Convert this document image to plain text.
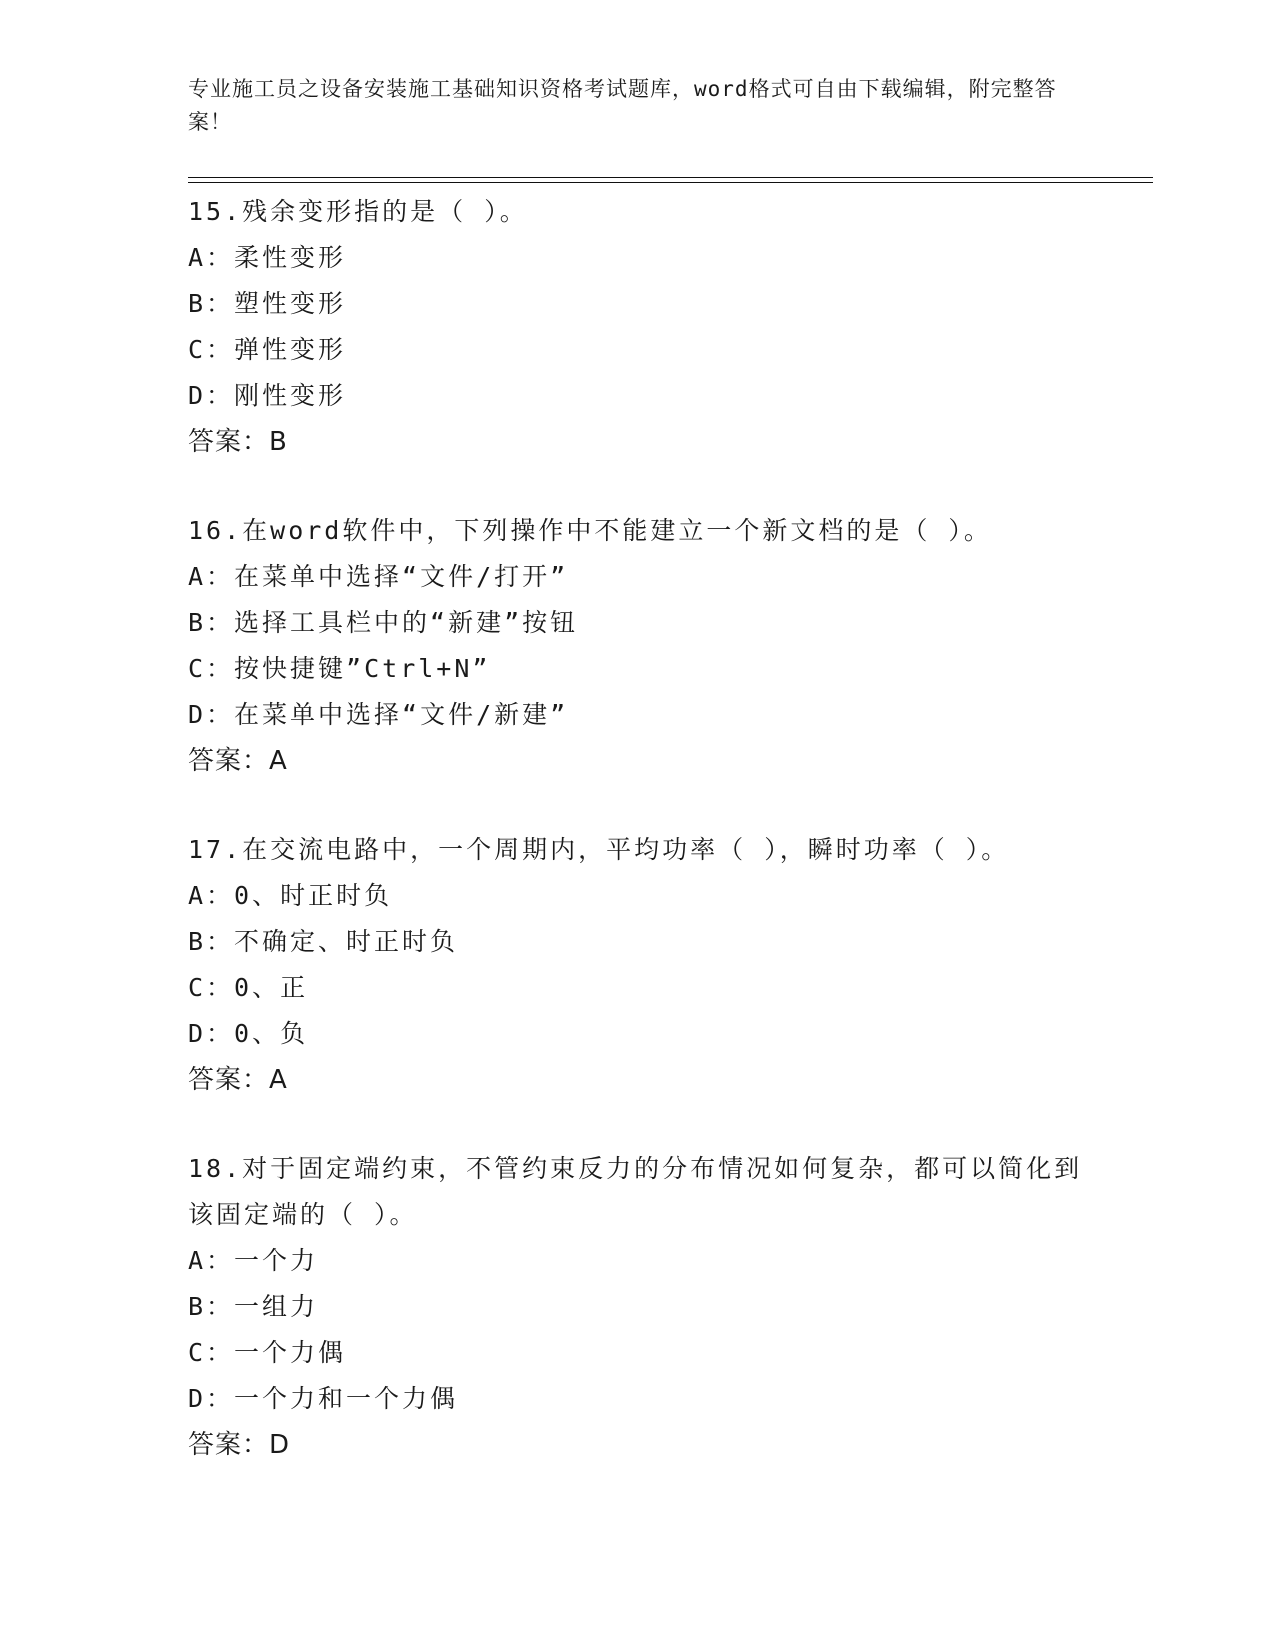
专业施工员之设备安装施工基础知识资格考试题库，word格式可自由下载编辑，附完整答案！
15.残余变形指的是（ ）。
A：柔性变形
B：塑性变形
C：弹性变形
D：刚性变形
答案：B
16.在word软件中，下列操作中不能建立一个新文档的是（ ）。
A：在菜单中选择“文件/打开”
B：选择工具栏中的“新建”按钮
C：按快捷键”Ctrl+N”
D：在菜单中选择“文件/新建”
答案：A
17.在交流电路中，一个周期内，平均功率（ ），瞬时功率（ ）。
A：0、时正时负
B：不确定、时正时负
C：0、正
D：0、负
答案：A
18.对于固定端约束，不管约束反力的分布情况如何复杂，都可以简化到该固定端的（ ）。
A：一个力
B：一组力
C：一个力偶
D：一个力和一个力偶
答案：D
